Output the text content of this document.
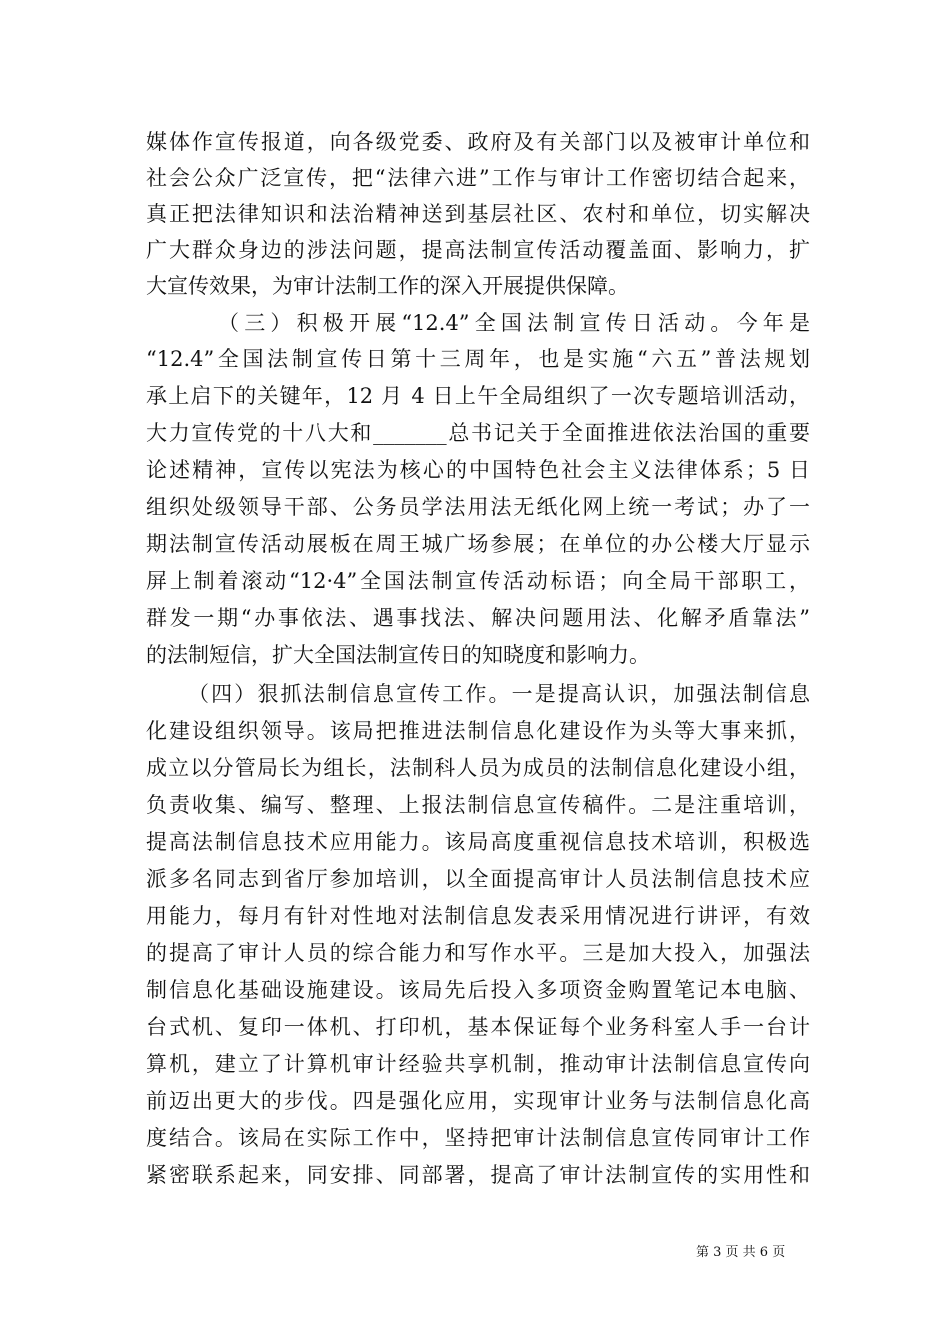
媒体作宣传报道，向各级党委、政府及有关部门以及被审计单位和
社会公众广泛宣传，把“法律六进”工作与审计工作密切结合起来，
真正把法律知识和法治精神送到基层社区、农村和单位，切实解决
广大群众身边的涉法问题，提高法制宣传活动覆盖面、影响力，扩
大宣传效果，为审计法制工作的深入开展提供保障。
（三）积极开展“12.4”全国法制宣传日活动。今年是
“12.4”全国法制宣传日第十三周年，也是实施“六五”普法规划
承上启下的关键年，12 月 4 日上午全局组织了一次专题培训活动，
大力宣传党的十八大和_______总书记关于全面推进依法治国的重要
论述精神，宣传以宪法为核心的中国特色社会主义法律体系；5 日
组织处级领导干部、公务员学法用法无纸化网上统一考试；办了一
期法制宣传活动展板在周王城广场参展；在单位的办公楼大厅显示
屏上制着滚动“12·4”全国法制宣传活动标语；向全局干部职工，
群发一期“办事依法、遇事找法、解决问题用法、化解矛盾靠法”
的法制短信，扩大全国法制宣传日的知晓度和影响力。
（四）狠抓法制信息宣传工作。一是提高认识，加强法制信息
化建设组织领导。该局把推进法制信息化建设作为头等大事来抓，
成立以分管局长为组长，法制科人员为成员的法制信息化建设小组，
负责收集、编写、整理、上报法制信息宣传稿件。二是注重培训，
提高法制信息技术应用能力。该局高度重视信息技术培训，积极选
派多名同志到省厅参加培训，以全面提高审计人员法制信息技术应
用能力，每月有针对性地对法制信息发表采用情况进行讲评，有效
的提高了审计人员的综合能力和写作水平。三是加大投入，加强法
制信息化基础设施建设。该局先后投入多项资金购置笔记本电脑、
台式机、复印一体机、打印机，基本保证每个业务科室人手一台计
算机，建立了计算机审计经验共享机制，推动审计法制信息宣传向
前迈出更大的步伐。四是强化应用，实现审计业务与法制信息化高
度结合。该局在实际工作中，坚持把审计法制信息宣传同审计工作
紧密联系起来，同安排、同部署，提高了审计法制宣传的实用性和
第 3 页 共 6 页
